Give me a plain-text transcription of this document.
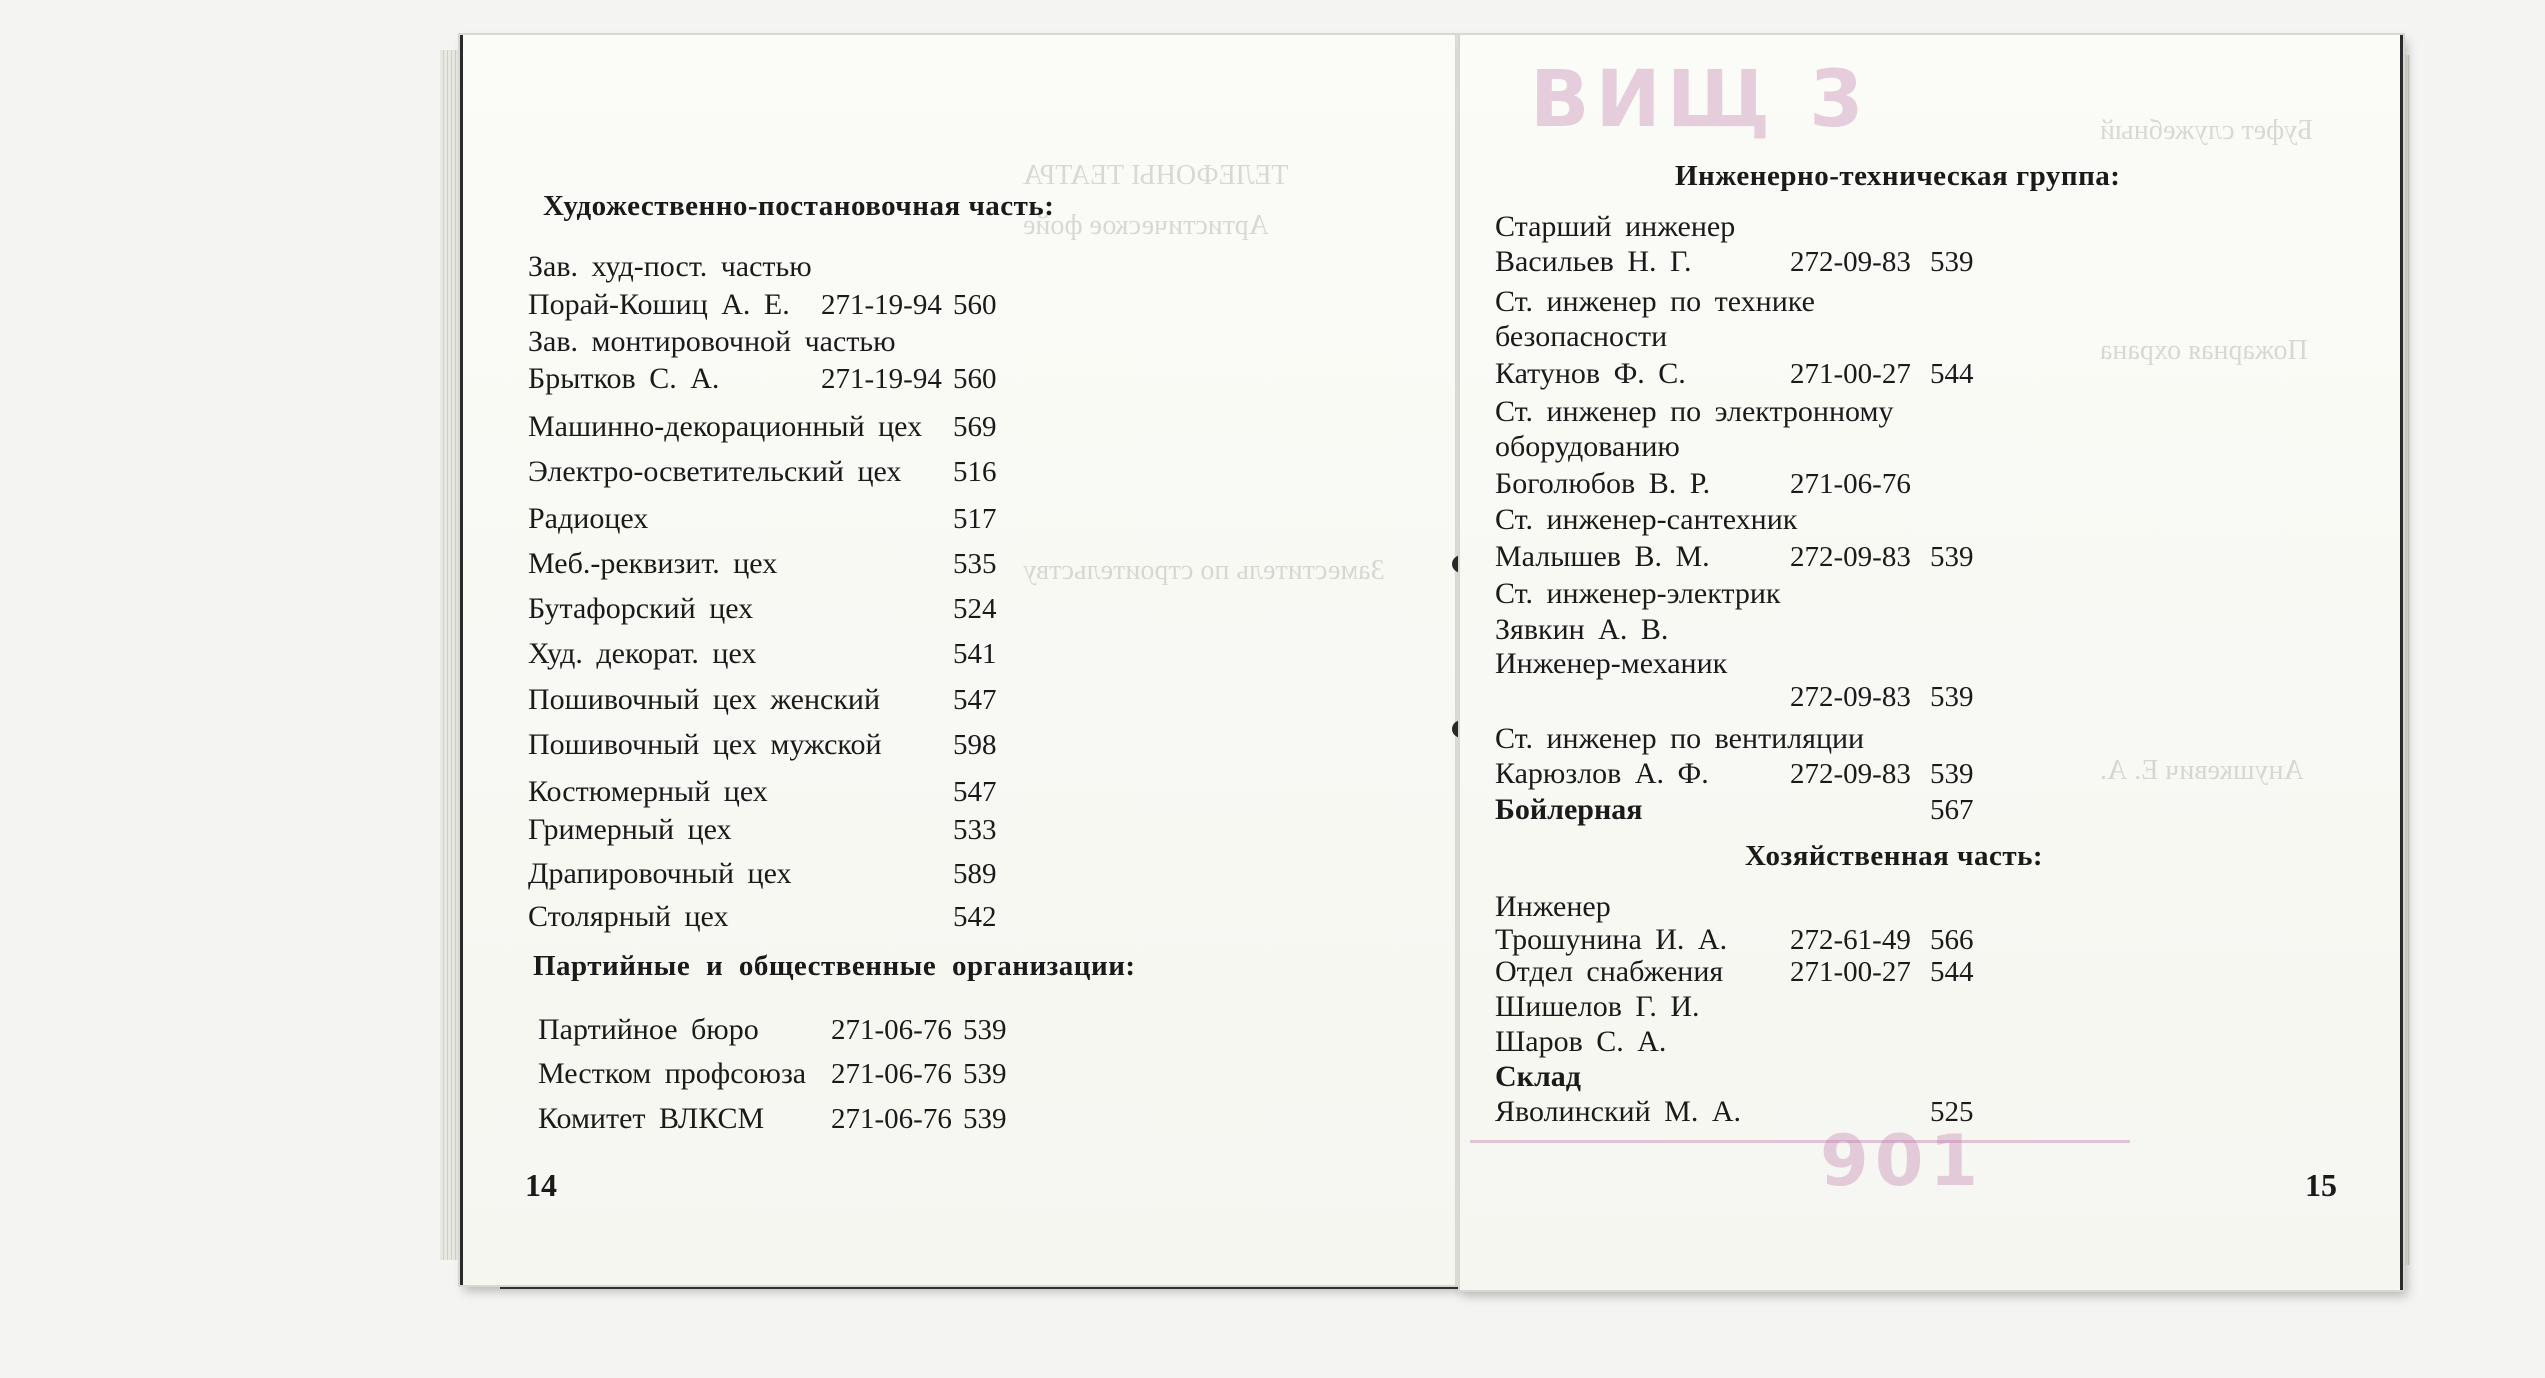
ТЕЛЕФОНЫ ТЕАТРА
Артистическое фойе
Заместитель по строительству
Художественно-постановочная часть:
Зав. худ-пост. частью
Порай-Кошиц А. Е. 271-19-94 560
Зав. монтировочной частью
Брытков С. А.	271-19-94 560
Машинно-декорационный цех 569
Электро-осветительский цех 516
Радиоцех	517
Меб.-реквизит. цех	535
Бутафорский цех	524
Худ. декорат. цех	541
Пошивочный цех женский	547
Пошивочный цех мужской 598
Костюмерный цех	547
Гримерный цех	533
Драпировочный цех	589
Столярный цех	542
Партийные и общественные организации:
Партийное бюро 271-06-76 539
Местком профсоюза 271-06-76 539
Комитет ВЛКСМ 271-06-76 539
14
ВИЩ 3
901
Буфет служебный
Пожарная охрана
Анушкевич Е. А.
Инженерно-техническая группа:
Старший инженер
Васильев Н. Г.	272-09-83 539
Ст. инженер по технике
безопасности
Катунов Ф. С.	271-00-27 544
Ст. инженер по электронному
оборудованию
Боголюбов В. Р.	271-06-76
Ст. инженер-сантехник
Малышев В. М.	272-09-83 539
Ст. инженер-электрик
Зявкин А. В.
Инженер-механик
272-09-83 539
Ст. инженер по вентиляции
Карюзлов А. Ф.	272-09-83 539
Бойлерная	567
Хозяйственная часть:
Инженер
Трошунина И. А. 272-61-49 566
Отдел снабжения 271-00-27 544
Шишелов Г. И.
Шаров С. А.
Склад
Яволинский М. А.	525
15
